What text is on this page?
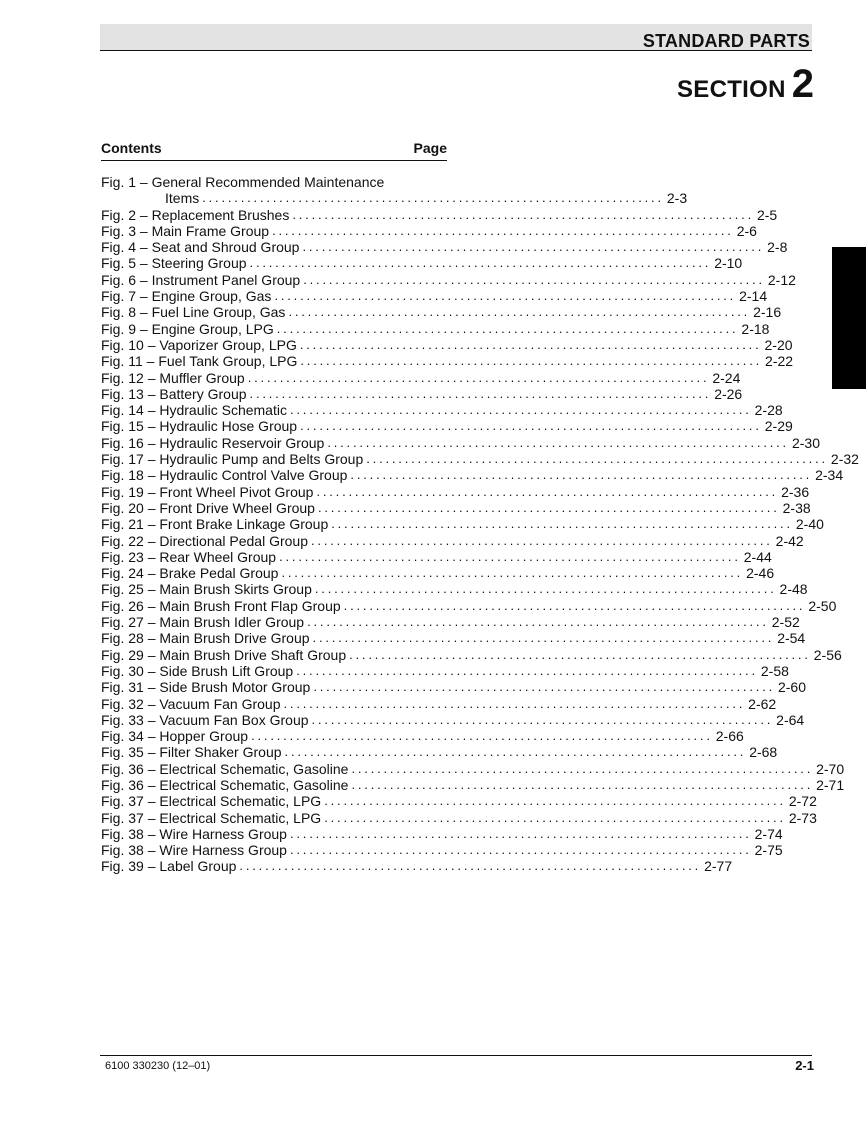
STANDARD PARTS
SECTION 2
Contents	Page
Fig. 1 – General Recommended Maintenance
Items ........................................................................ 2-3
Fig. 2 – Replacement Brushes ........................................................................ 2-5
Fig. 3 – Main Frame Group ........................................................................ 2-6
Fig. 4 – Seat and Shroud Group ........................................................................ 2-8
Fig. 5 – Steering Group ........................................................................ 2-10
Fig. 6 – Instrument Panel Group ........................................................................ 2-12
Fig. 7 – Engine Group, Gas ........................................................................ 2-14
Fig. 8 – Fuel Line Group, Gas ........................................................................ 2-16
Fig. 9 – Engine Group, LPG ........................................................................ 2-18
Fig. 10 – Vaporizer Group, LPG ........................................................................ 2-20
Fig. 11 – Fuel Tank Group, LPG ........................................................................ 2-22
Fig. 12 – Muffler Group ........................................................................ 2-24
Fig. 13 – Battery Group ........................................................................ 2-26
Fig. 14 – Hydraulic Schematic ........................................................................ 2-28
Fig. 15 – Hydraulic Hose Group ........................................................................ 2-29
Fig. 16 – Hydraulic Reservoir Group ........................................................................ 2-30
Fig. 17 – Hydraulic Pump and Belts Group ........................................................................ 2-32
Fig. 18 – Hydraulic Control Valve Group ........................................................................ 2-34
Fig. 19 – Front Wheel Pivot Group ........................................................................ 2-36
Fig. 20 – Front Drive Wheel Group ........................................................................ 2-38
Fig. 21 – Front Brake Linkage Group ........................................................................ 2-40
Fig. 22 – Directional Pedal Group ........................................................................ 2-42
Fig. 23 – Rear Wheel Group ........................................................................ 2-44
Fig. 24 – Brake Pedal Group ........................................................................ 2-46
Fig. 25 – Main Brush Skirts Group ........................................................................ 2-48
Fig. 26 – Main Brush Front Flap Group ........................................................................ 2-50
Fig. 27 – Main Brush Idler Group ........................................................................ 2-52
Fig. 28 – Main Brush Drive Group ........................................................................ 2-54
Fig. 29 – Main Brush Drive Shaft Group ........................................................................ 2-56
Fig. 30 – Side Brush Lift Group ........................................................................ 2-58
Fig. 31 – Side Brush Motor Group ........................................................................ 2-60
Fig. 32 – Vacuum Fan Group ........................................................................ 2-62
Fig. 33 – Vacuum Fan Box Group ........................................................................ 2-64
Fig. 34 – Hopper Group ........................................................................ 2-66
Fig. 35 – Filter Shaker Group ........................................................................ 2-68
Fig. 36 – Electrical Schematic, Gasoline ........................................................................ 2-70
Fig. 36 – Electrical Schematic, Gasoline ........................................................................ 2-71
Fig. 37 – Electrical Schematic, LPG ........................................................................ 2-72
Fig. 37 – Electrical Schematic, LPG ........................................................................ 2-73
Fig. 38 – Wire Harness Group ........................................................................ 2-74
Fig. 38 – Wire Harness Group ........................................................................ 2-75
Fig. 39 – Label Group ........................................................................ 2-77
6100 330230 (12–01)	2-1
